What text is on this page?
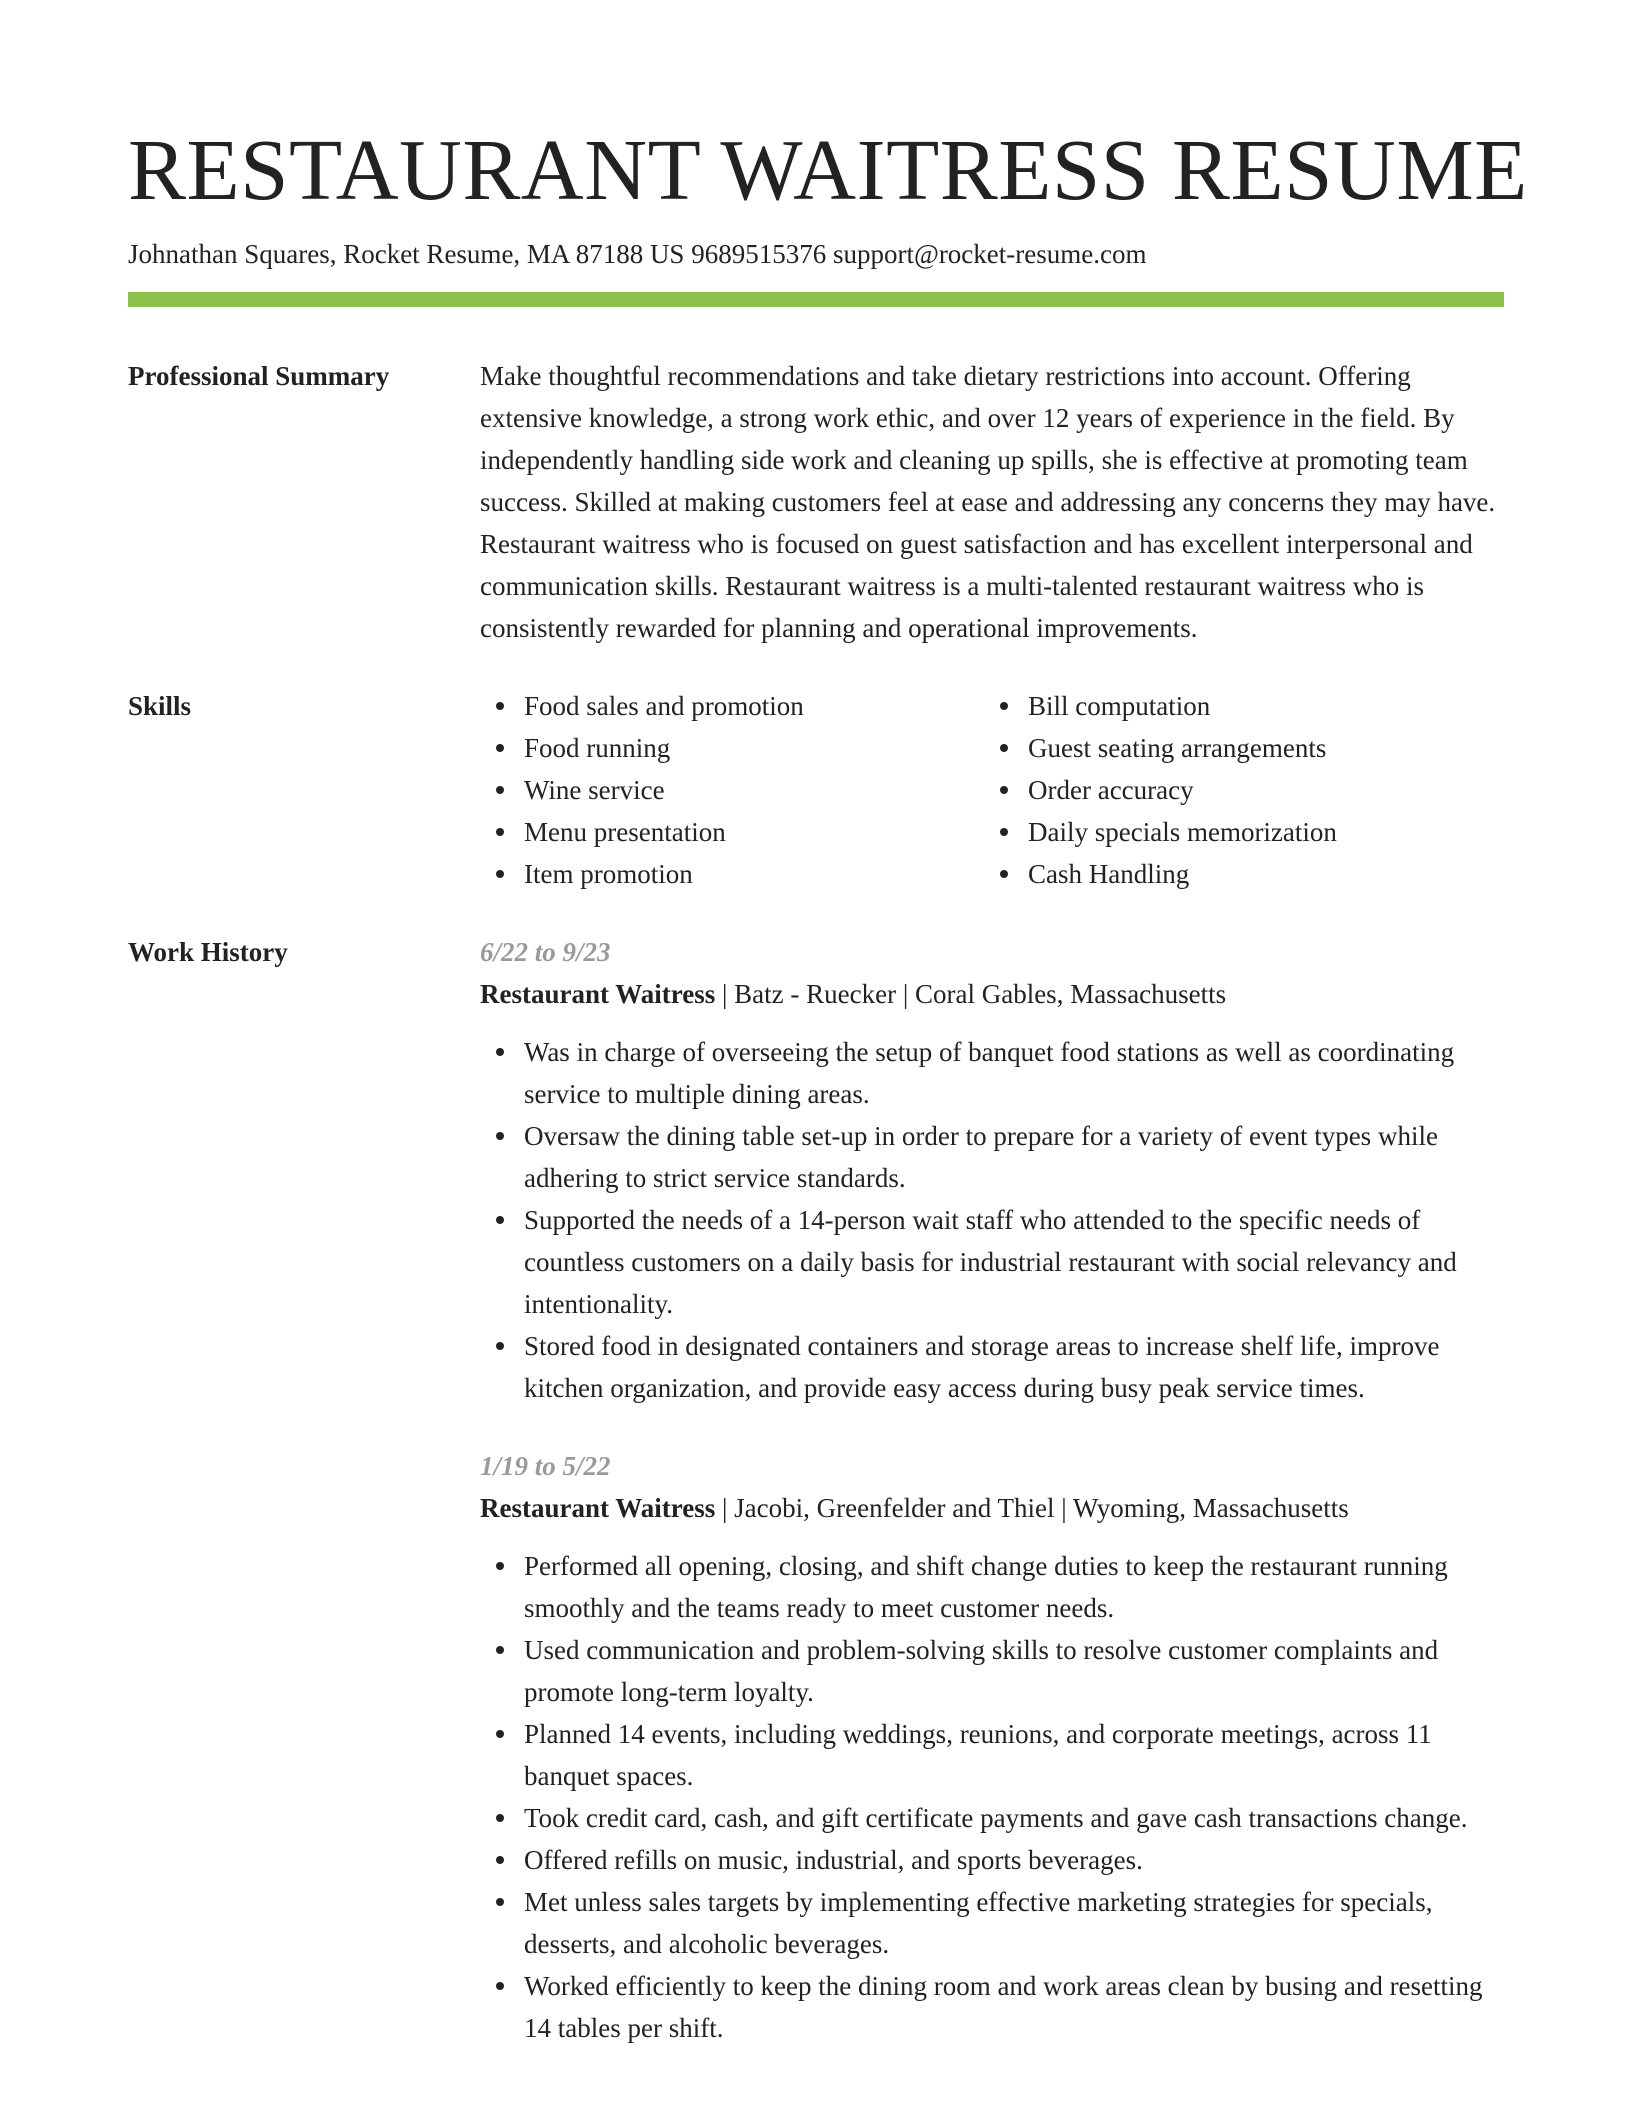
RESTAURANT WAITRESS RESUME
Johnathan Squares, Rocket Resume, MA 87188 US 9689515376 support@rocket-resume.com
Professional Summary	Make thoughtful recommendations and take dietary restrictions into account. Offering extensive knowledge, a strong work ethic, and over 12 years of experience in the field. By independently handling side work and cleaning up spills, she is effective at promoting team success. Skilled at making customers feel at ease and addressing any concerns they may have. Restaurant waitress who is focused on guest satisfaction and has excellent interpersonal and communication skills. Restaurant waitress is a multi-talented restaurant waitress who is consistently rewarded for planning and operational improvements.
Skills	Food sales and promotion
Food running
Wine service
Menu presentation
Item promotion
Bill computation
Guest seating arrangements
Order accuracy
Daily specials memorization
Cash Handling
Work History	6/22 to 9/23
Restaurant Waitress | Batz - Ruecker | Coral Gables, Massachusetts
Was in charge of overseeing the setup of banquet food stations as well as coordinating service to multiple dining areas.
Oversaw the dining table set-up in order to prepare for a variety of event types while adhering to strict service standards.
Supported the needs of a 14-person wait staff who attended to the specific needs of countless customers on a daily basis for industrial restaurant with social relevancy and intentionality.
Stored food in designated containers and storage areas to increase shelf life, improve kitchen organization, and provide easy access during busy peak service times.
1/19 to 5/22
Restaurant Waitress | Jacobi, Greenfelder and Thiel | Wyoming, Massachusetts
Performed all opening, closing, and shift change duties to keep the restaurant running smoothly and the teams ready to meet customer needs.
Used communication and problem-solving skills to resolve customer complaints and promote long-term loyalty.
Planned 14 events, including weddings, reunions, and corporate meetings, across 11 banquet spaces.
Took credit card, cash, and gift certificate payments and gave cash transactions change.
Offered refills on music, industrial, and sports beverages.
Met unless sales targets by implementing effective marketing strategies for specials, desserts, and alcoholic beverages.
Worked efficiently to keep the dining room and work areas clean by busing and resetting 14 tables per shift.
